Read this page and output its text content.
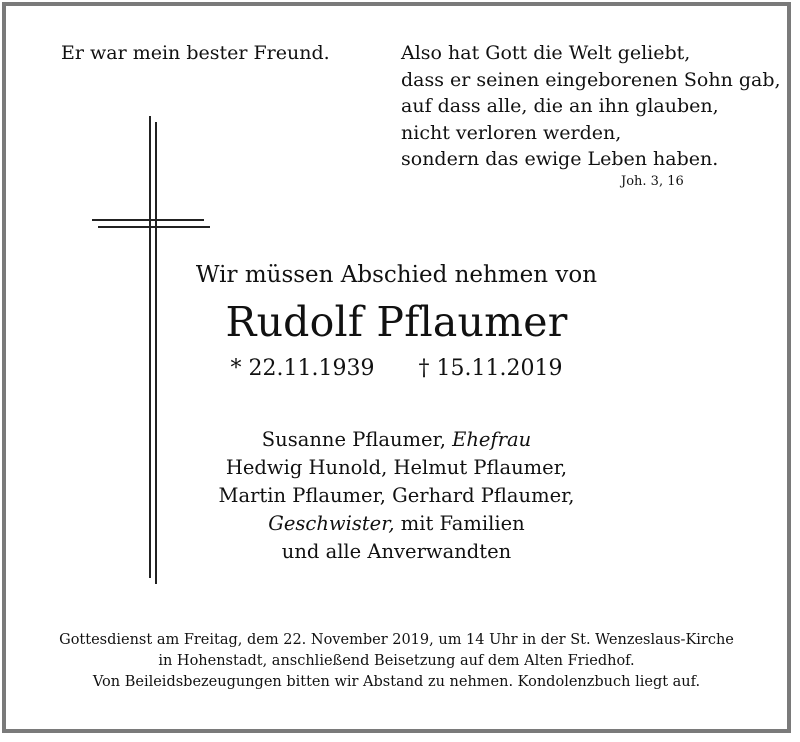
Er war mein bester Freund.	Also hat Gott die Welt geliebt,
dass er seinen eingeborenen Sohn gab,
auf dass alle, die an ihn glauben,
nicht verloren werden,
sondern das ewige Leben haben.
Joh. 3, 16
Wir müssen Abschied nehmen von
Rudolf Pflaumer
* 22.11.1939 † 15.11.2019
Susanne Pflaumer, Ehefrau
Hedwig Hunold, Helmut Pflaumer,
Martin Pflaumer, Gerhard Pflaumer,
Geschwister, mit Familien
und alle Anverwandten
Gottesdienst am Freitag, dem 22. November 2019, um 14 Uhr in der St. Wenzeslaus-Kirche
in Hohenstadt, anschließend Beisetzung auf dem Alten Friedhof.
Von Beileidsbezeugungen bitten wir Abstand zu nehmen. Kondolenzbuch liegt auf.
